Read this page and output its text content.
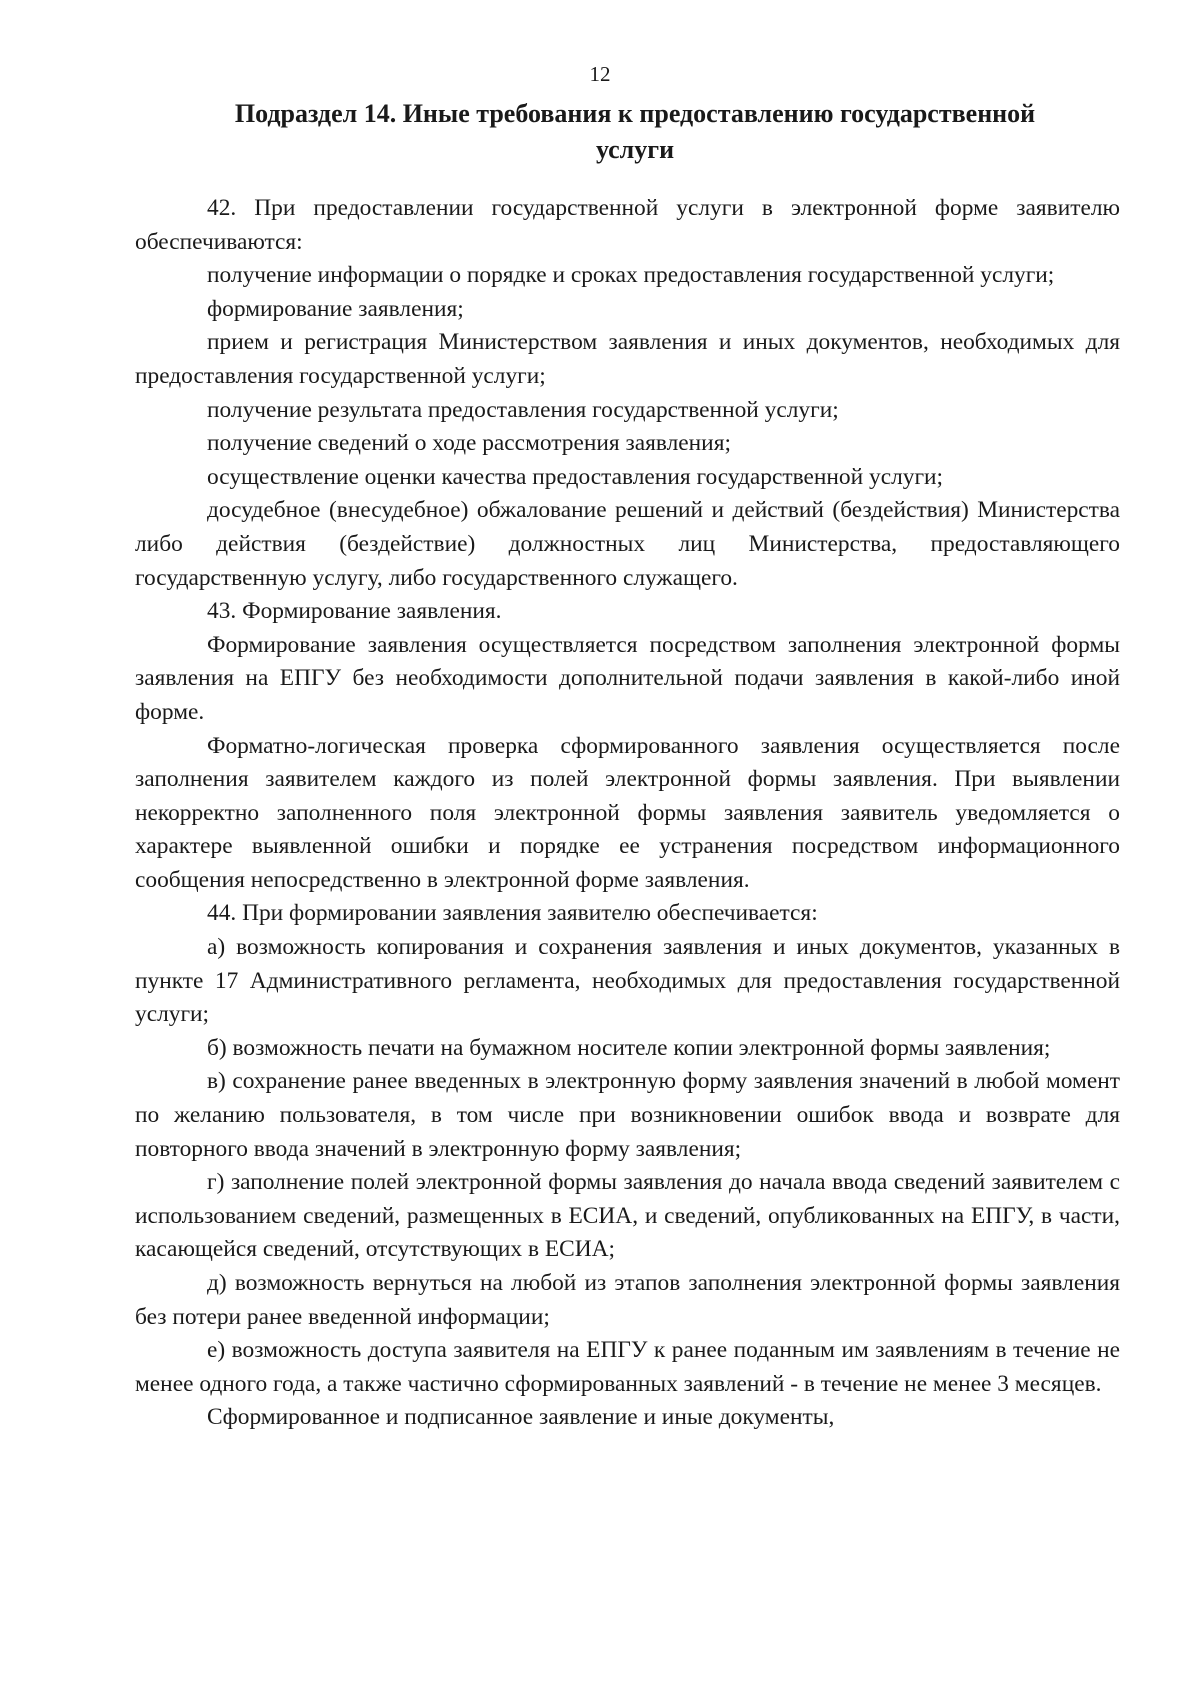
12
Подраздел 14. Иные требования к предоставлению государственной
услуги

42. При предоставлении государственной услуги в электронной форме заявителю обеспечиваются:

получение информации о порядке и сроках предоставления государственной услуги;

формирование заявления;

прием и регистрация Министерством заявления и иных документов, необходимых для предоставления государственной услуги;

получение результата предоставления государственной услуги;

получение сведений о ходе рассмотрения заявления;

осуществление оценки качества предоставления государственной услуги;

досудебное (внесудебное) обжалование решений и действий (бездействия) Министерства либо действия (бездействие) должностных лиц Министерства, предоставляющего государственную услугу, либо государственного служащего.

43. Формирование заявления.

Формирование заявления осуществляется посредством заполнения электронной формы заявления на ЕПГУ без необходимости дополнительной подачи заявления в какой-либо иной форме.

Форматно-логическая проверка сформированного заявления осуществляется после заполнения заявителем каждого из полей электронной формы заявления. При выявлении некорректно заполненного поля электронной формы заявления заявитель уведомляется о характере выявленной ошибки и порядке ее устранения посредством информационного сообщения непосредственно в электронной форме заявления.

44. При формировании заявления заявителю обеспечивается:

а) возможность копирования и сохранения заявления и иных документов, указанных в пункте 17 Административного регламента, необходимых для предоставления государственной услуги;

б) возможность печати на бумажном носителе копии электронной формы заявления;

в) сохранение ранее введенных в электронную форму заявления значений в любой момент по желанию пользователя, в том числе при возникновении ошибок ввода и возврате для повторного ввода значений в электронную форму заявления;

г) заполнение полей электронной формы заявления до начала ввода сведений заявителем с использованием сведений, размещенных в ЕСИА, и сведений, опубликованных на ЕПГУ, в части, касающейся сведений, отсутствующих в ЕСИА;

д) возможность вернуться на любой из этапов заполнения электронной формы заявления без потери ранее введенной информации;

е) возможность доступа заявителя на ЕПГУ к ранее поданным им заявлениям в течение не менее одного года, а также частично сформированных заявлений - в течение не менее 3 месяцев.

Сформированное и подписанное заявление и иные документы,
